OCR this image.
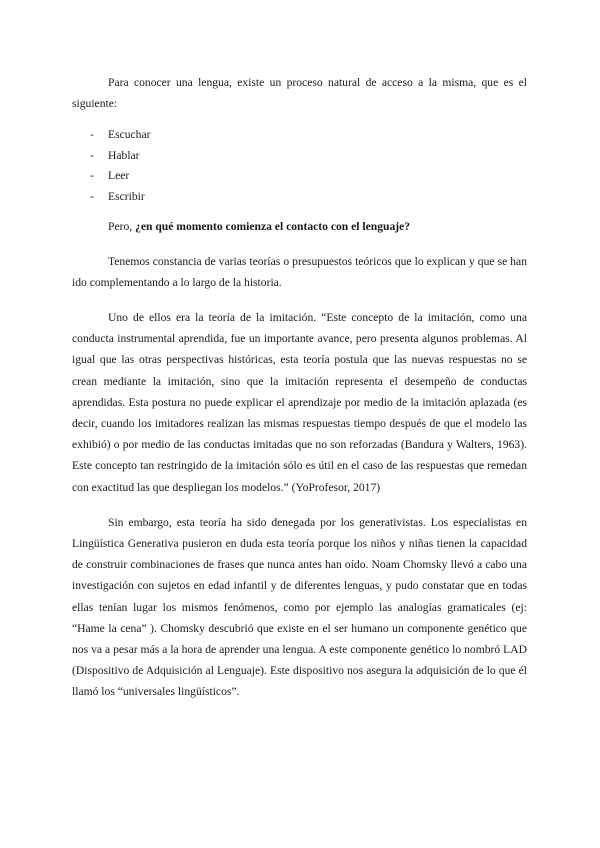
Para conocer una lengua, existe un proceso natural de acceso a la misma, que es el siguiente:

- Escuchar
- Hablar
- Leer
- Escribir

Pero, ¿en qué momento comienza el contacto con el lenguaje?

Tenemos constancia de varias teorías o presupuestos teóricos que lo explican y que se han ido complementando a lo largo de la historia.

Uno de ellos era la teoría de la imitación. “Este concepto de la imitación, como una conducta instrumental aprendida, fue un importante avance, pero presenta algunos problemas. Al igual que las otras perspectivas históricas, esta teoría postula que las nuevas respuestas no se crean mediante la imitación, sino que la imitación representa el desempeño de conductas aprendidas. Esta postura no puede explicar el aprendizaje por medio de la imitación aplazada (es decir, cuando los imitadores realizan las mismas respuestas tiempo después de que el modelo las exhibió) o por medio de las conductas imitadas que no son reforzadas (Bandura y Walters, 1963). Este concepto tan restringido de la imitación sólo es útil en el caso de las respuestas que remedan con exactitud las que despliegan los modelos.” (YoProfesor, 2017)

Sin embargo, esta teoría ha sido denegada por los generativistas. Los especialistas en Lingüística Generativa pusieron en duda esta teoría porque los niños y niñas tienen la capacidad de construir combinaciones de frases que nunca antes han oído. Noam Chomsky llevó a cabo una investigación con sujetos en edad infantil y de diferentes lenguas, y pudo constatar que en todas ellas tenían lugar los mismos fenómenos, como por ejemplo las analogías gramaticales (ej: “Hame la cena” ). Chomsky descubrió que existe en el ser humano un componente genético que nos va a pesar más a la hora de aprender una lengua. A este componente genético lo nombró LAD (Dispositivo de Adquisición al Lenguaje). Este dispositivo nos asegura la adquisición de lo que él llamó los “universales lingüísticos”.
